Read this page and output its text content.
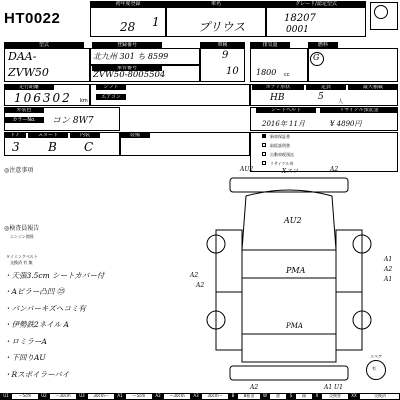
HT0022
初年度登録
28 1
車名
プリウス
グレード/認定型式
18207
0001
型式
DAA-
ZVW50
登録番号
北九州 301 ち 8599
車台番号
ZVW50-8005504
車検
9
10
排気量
1800 cc
燃料
G
走行距離
106302 km
シフト
エアコン
ボディ形状	定員	最大積載
HB	5	人
外装色
カラーNo.	コン 8W7
シートベルト	リサイクル預託金
2016年 11月	¥ 4890円
ドア	スタート	内装
3 B C
装備	新車保証書
取扱説明書
自動車税預託
リサイクル券
◎注意事項
◎検査員報告
エンジン関係
タイミングベルト
交換済 有 無
・天張3.5cm シートカバー付
・Aピラー凸凹 ㉕
・バンパーキズヘコミ有
・伊勢鉄2ネイル A
・ロミラーA
・下回りAU
・Rスポイラーバイ
AU2	Xスソ	A2
AU2
PMA
PMA
A2
A2
A1
A2
A1
A2	A1 U1
スペア
有
U1	～5cm	U2	～30cm	U3	30cm～	A1	～5cm	A2	～30cm	A3	30cm～	B	B板金	W	波	S	錆	X	交換要	XX	交換済
